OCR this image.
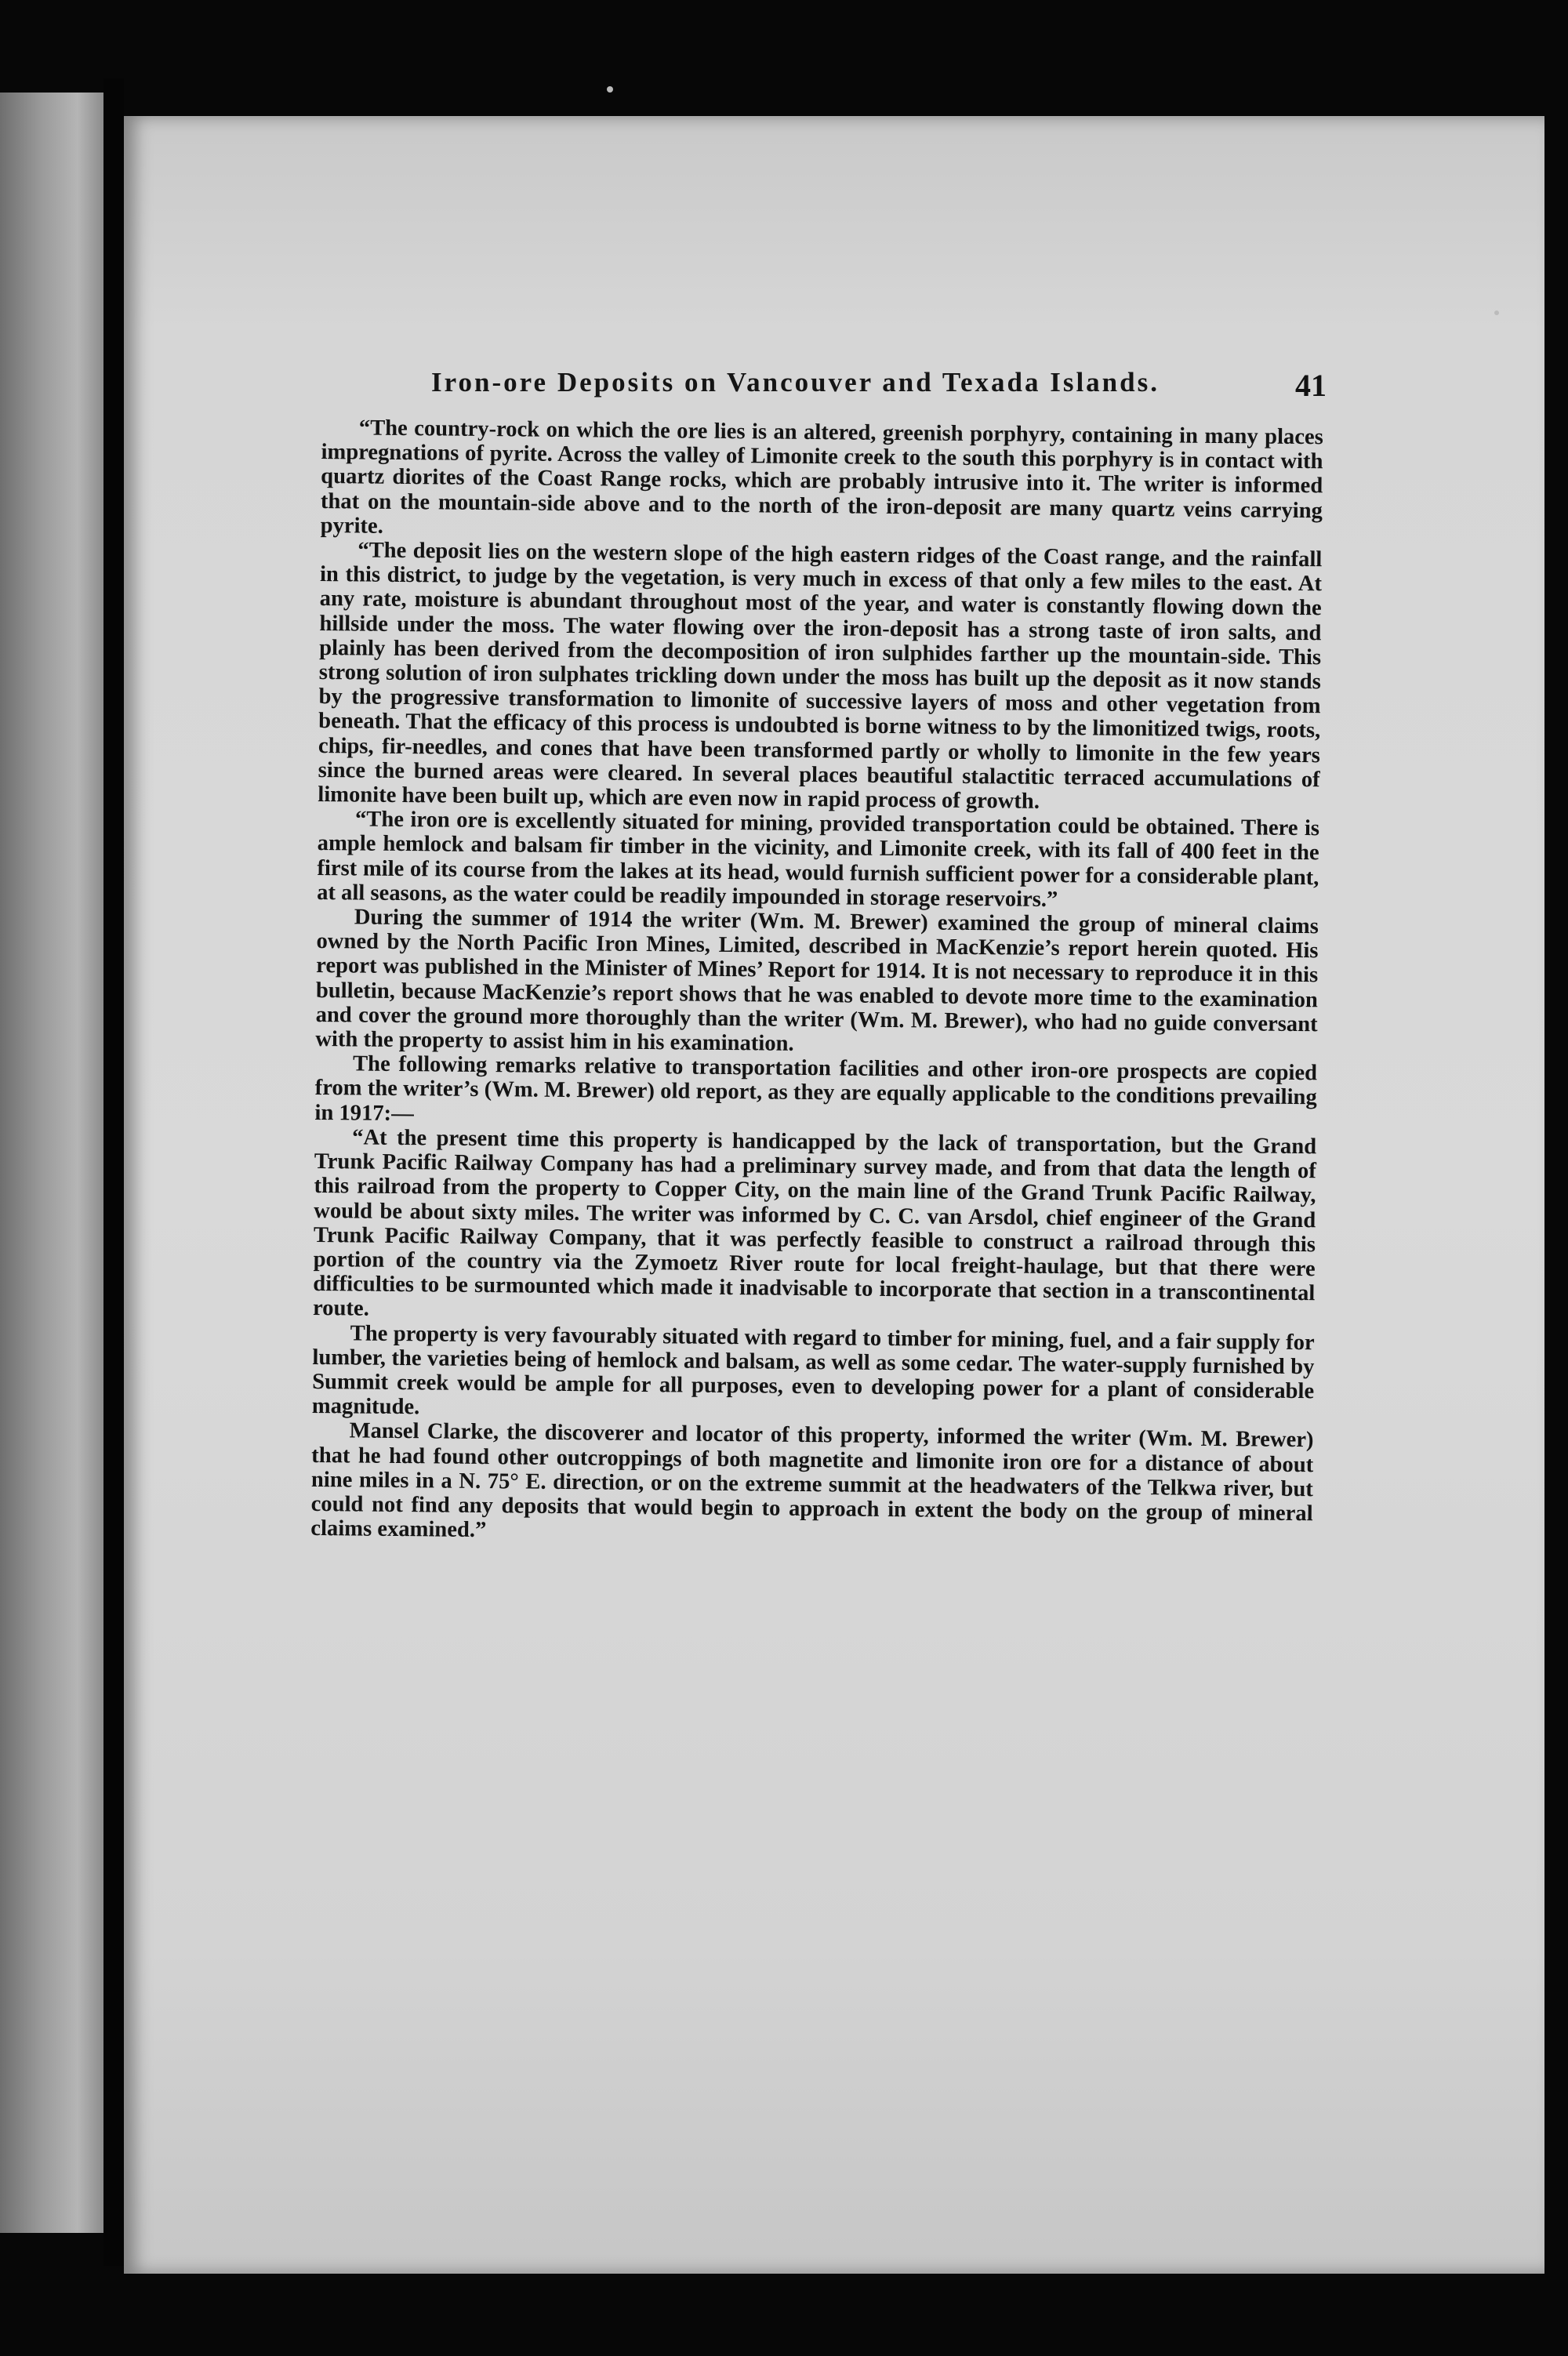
Iron-ore Deposits on Vancouver and Texada Islands.	41

“The country-rock on which the ore lies is an altered, greenish porphyry, containing in many places impregnations of pyrite. Across the valley of Limonite creek to the south this porphyry is in contact with quartz diorites of the Coast Range rocks, which are probably intrusive into it. The writer is informed that on the mountain-side above and to the north of the iron-deposit are many quartz veins carrying pyrite.

“The deposit lies on the western slope of the high eastern ridges of the Coast range, and the rainfall in this district, to judge by the vegetation, is very much in excess of that only a few miles to the east. At any rate, moisture is abundant throughout most of the year, and water is constantly flowing down the hillside under the moss. The water flowing over the iron-deposit has a strong taste of iron salts, and plainly has been derived from the decomposition of iron sulphides farther up the mountain-side. This strong solution of iron sulphates trickling down under the moss has built up the deposit as it now stands by the progressive transformation to limonite of successive layers of moss and other vegetation from beneath. That the efficacy of this process is undoubted is borne witness to by the limonitized twigs, roots, chips, fir-needles, and cones that have been transformed partly or wholly to limonite in the few years since the burned areas were cleared. In several places beautiful stalactitic terraced accumulations of limonite have been built up, which are even now in rapid process of growth.

“The iron ore is excellently situated for mining, provided transportation could be obtained. There is ample hemlock and balsam fir timber in the vicinity, and Limonite creek, with its fall of 400 feet in the first mile of its course from the lakes at its head, would furnish sufficient power for a considerable plant, at all seasons, as the water could be readily impounded in storage reservoirs.”

During the summer of 1914 the writer (Wm. M. Brewer) examined the group of mineral claims owned by the North Pacific Iron Mines, Limited, described in MacKenzie’s report herein quoted. His report was published in the Minister of Mines’ Report for 1914. It is not necessary to reproduce it in this bulletin, because MacKenzie’s report shows that he was enabled to devote more time to the examination and cover the ground more thoroughly than the writer (Wm. M. Brewer), who had no guide conversant with the property to assist him in his examination.

The following remarks relative to transportation facilities and other iron-ore prospects are copied from the writer’s (Wm. M. Brewer) old report, as they are equally applicable to the conditions prevailing in 1917:—

“At the present time this property is handicapped by the lack of transportation, but the Grand Trunk Pacific Railway Company has had a preliminary survey made, and from that data the length of this railroad from the property to Copper City, on the main line of the Grand Trunk Pacific Railway, would be about sixty miles. The writer was informed by C. C. van Arsdol, chief engineer of the Grand Trunk Pacific Railway Company, that it was perfectly feasible to construct a railroad through this portion of the country via the Zymoetz River route for local freight-haulage, but that there were difficulties to be surmounted which made it inadvisable to incorporate that section in a transcontinental route.

The property is very favourably situated with regard to timber for mining, fuel, and a fair supply for lumber, the varieties being of hemlock and balsam, as well as some cedar. The water-supply furnished by Summit creek would be ample for all purposes, even to developing power for a plant of considerable magnitude.

Mansel Clarke, the discoverer and locator of this property, informed the writer (Wm. M. Brewer) that he had found other outcroppings of both magnetite and limonite iron ore for a distance of about nine miles in a N. 75° E. direction, or on the extreme summit at the headwaters of the Telkwa river, but could not find any deposits that would begin to approach in extent the body on the group of mineral claims examined.”
